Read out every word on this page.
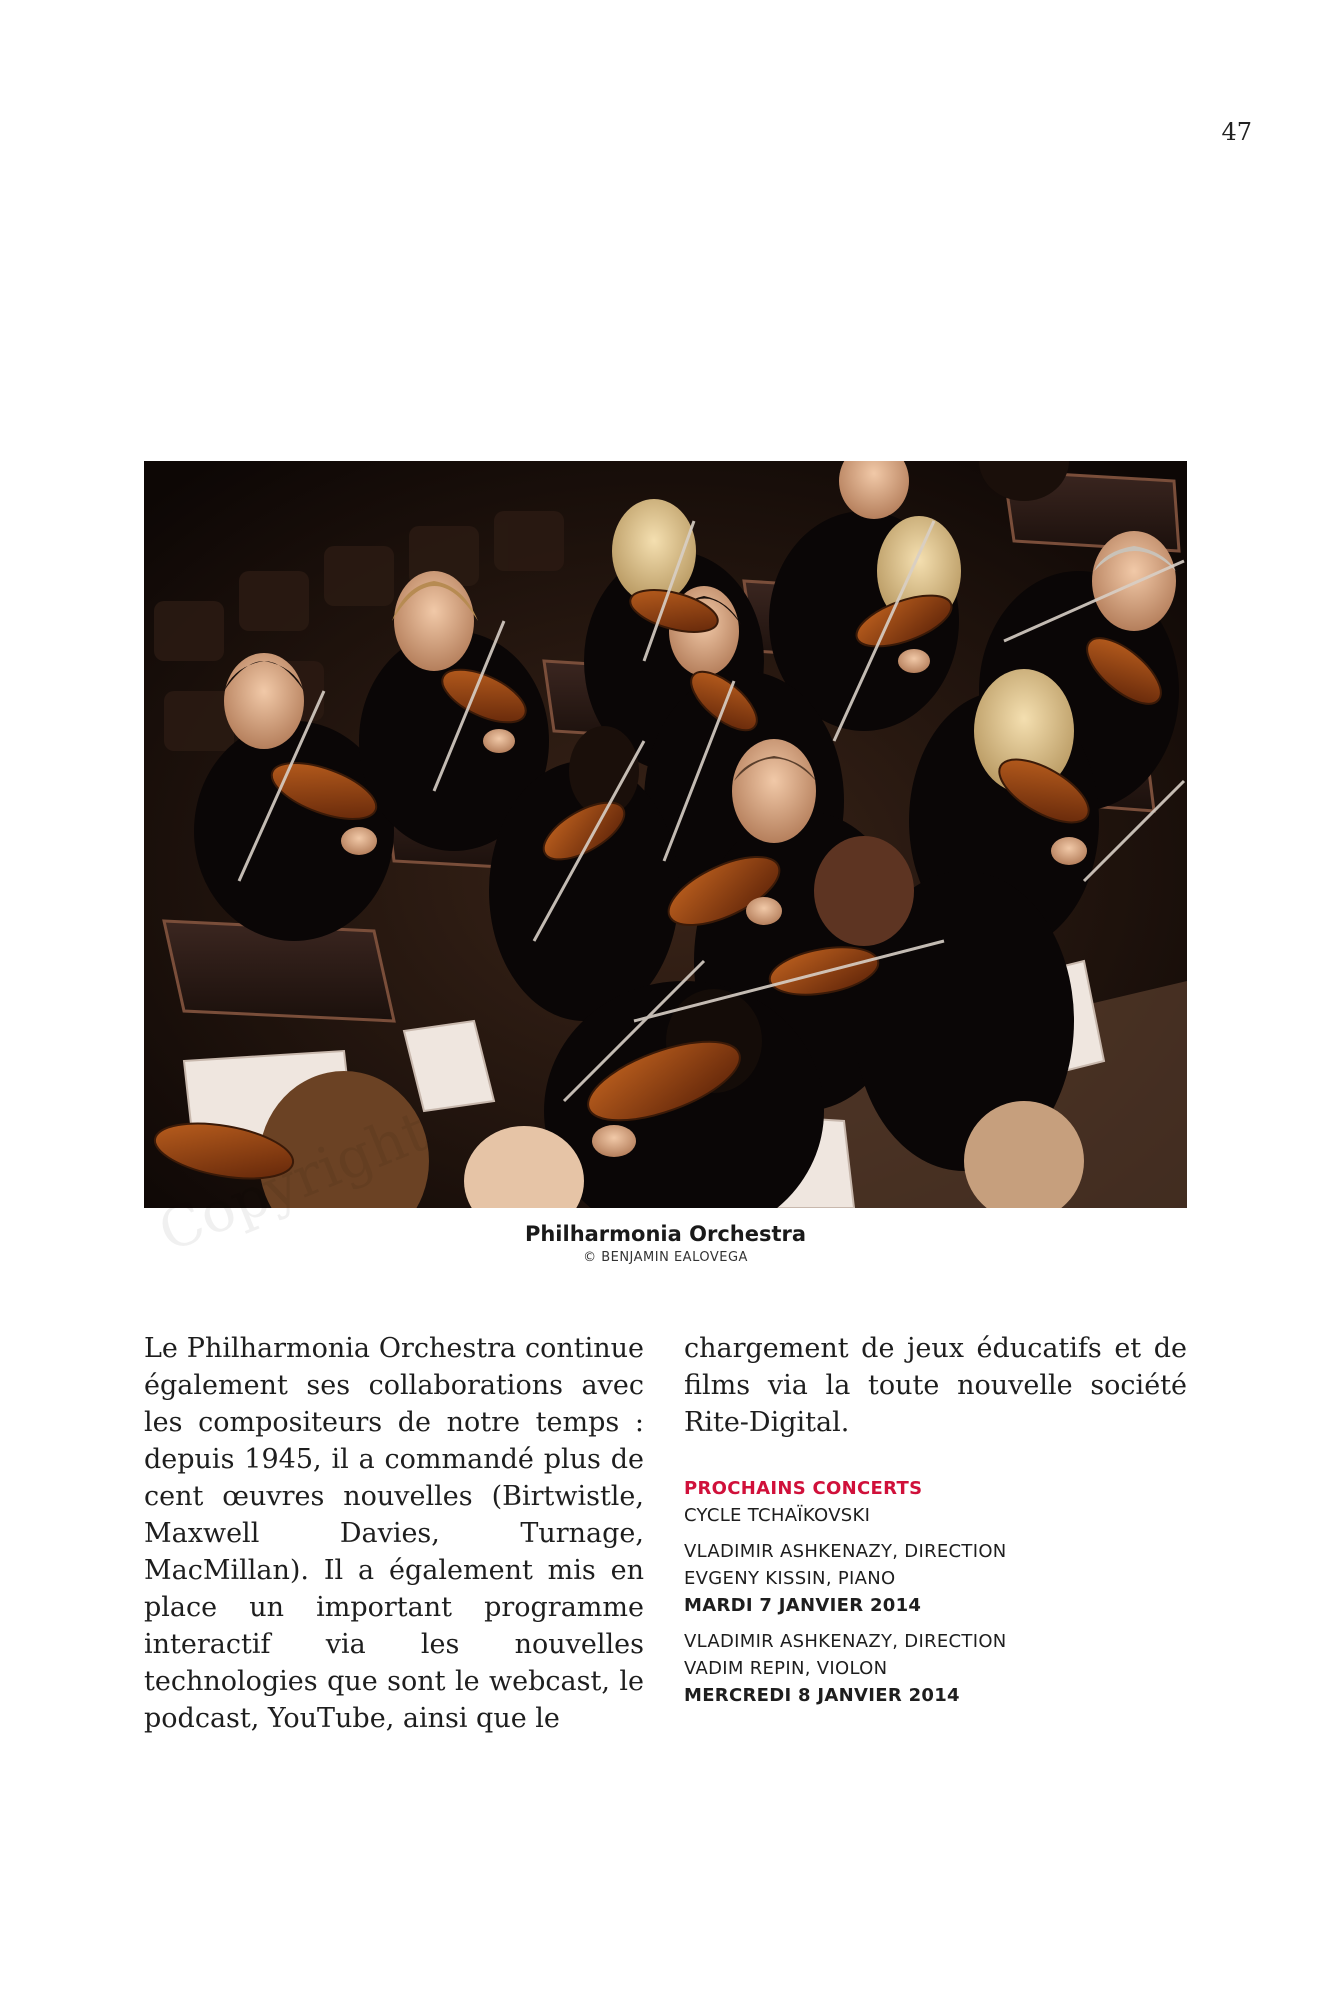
47
Philharmonia Orchestra
© BENJAMIN EALOVEGA
Le Philharmonia Orchestra continue également ses collaborations avec les compositeurs de notre temps : depuis 1945, il a commandé plus de cent œuvres nouvelles (Birtwistle, Maxwell Davies, Turnage, MacMillan). Il a également mis en place un important programme interactif via les nouvelles technologies que sont le webcast, le podcast, YouTube, ainsi que le
chargement de jeux éducatifs et de films via la toute nouvelle société Rite-Digital.
PROCHAINS CONCERTS
CYCLE TCHAÏKOVSKI
VLADIMIR ASHKENAZY, DIRECTION
EVGENY KISSIN, PIANO
MARDI 7 JANVIER 2014
VLADIMIR ASHKENAZY, DIRECTION
VADIM REPIN, VIOLON
MERCREDI 8 JANVIER 2014
